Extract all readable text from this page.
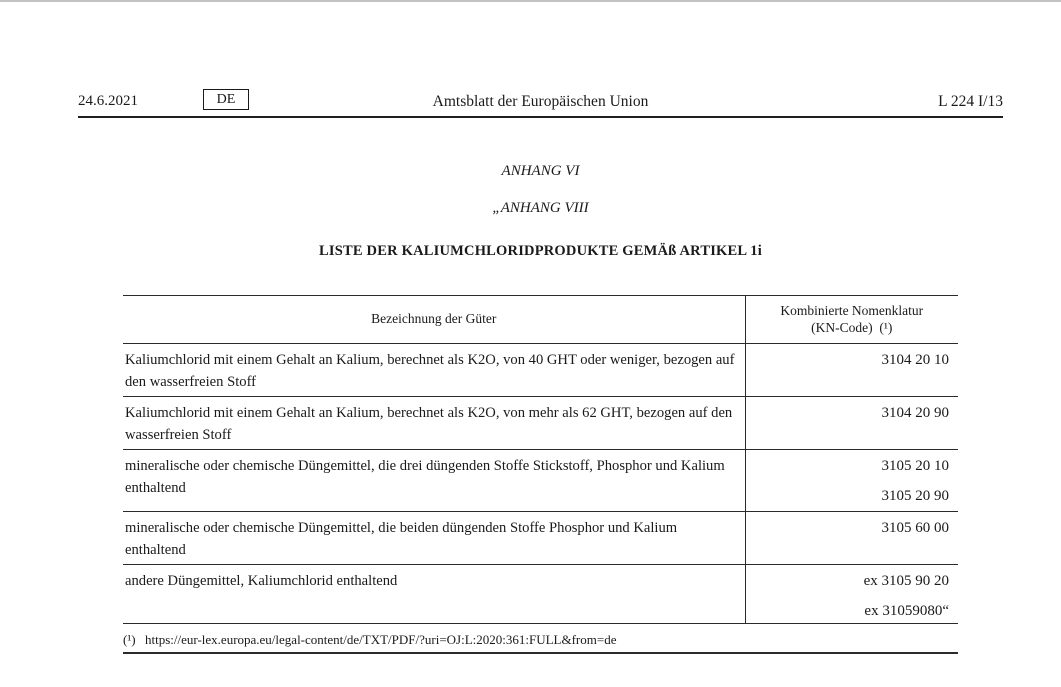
24.6.2021	DE	Amtsblatt der Europäischen Union	L 224 I/13
ANHANG VI
„ANHANG VIII
LISTE DER KALIUMCHLORIDPRODUKTE GEMÄß ARTIKEL 1i
Bezeichnung der Güter	Kombinierte Nomenklatur
(KN-Code)  (¹)

Kaliumchlorid mit einem Gehalt an Kalium, berechnet als K2O, von 40 GHT oder weniger, bezogen auf den wasserfreien Stoff	3104 20 10

Kaliumchlorid mit einem Gehalt an Kalium, berechnet als K2O, von mehr als 62 GHT, bezogen auf den wasserfreien Stoff	3104 20 90

mineralische oder chemische Düngemittel, die drei düngenden Stoffe Stickstoff, Phosphor und Kalium enthaltend	3105 20 10
3105 20 90

mineralische oder chemische Düngemittel, die beiden düngenden Stoffe Phosphor und Kalium enthaltend	3105 60 00

andere Düngemittel, Kaliumchlorid enthaltend	ex 3105 90 20
ex 31059080“
(¹) https://eur-lex.europa.eu/legal-content/de/TXT/PDF/?uri=OJ:L:2020:361:FULL&from=de
